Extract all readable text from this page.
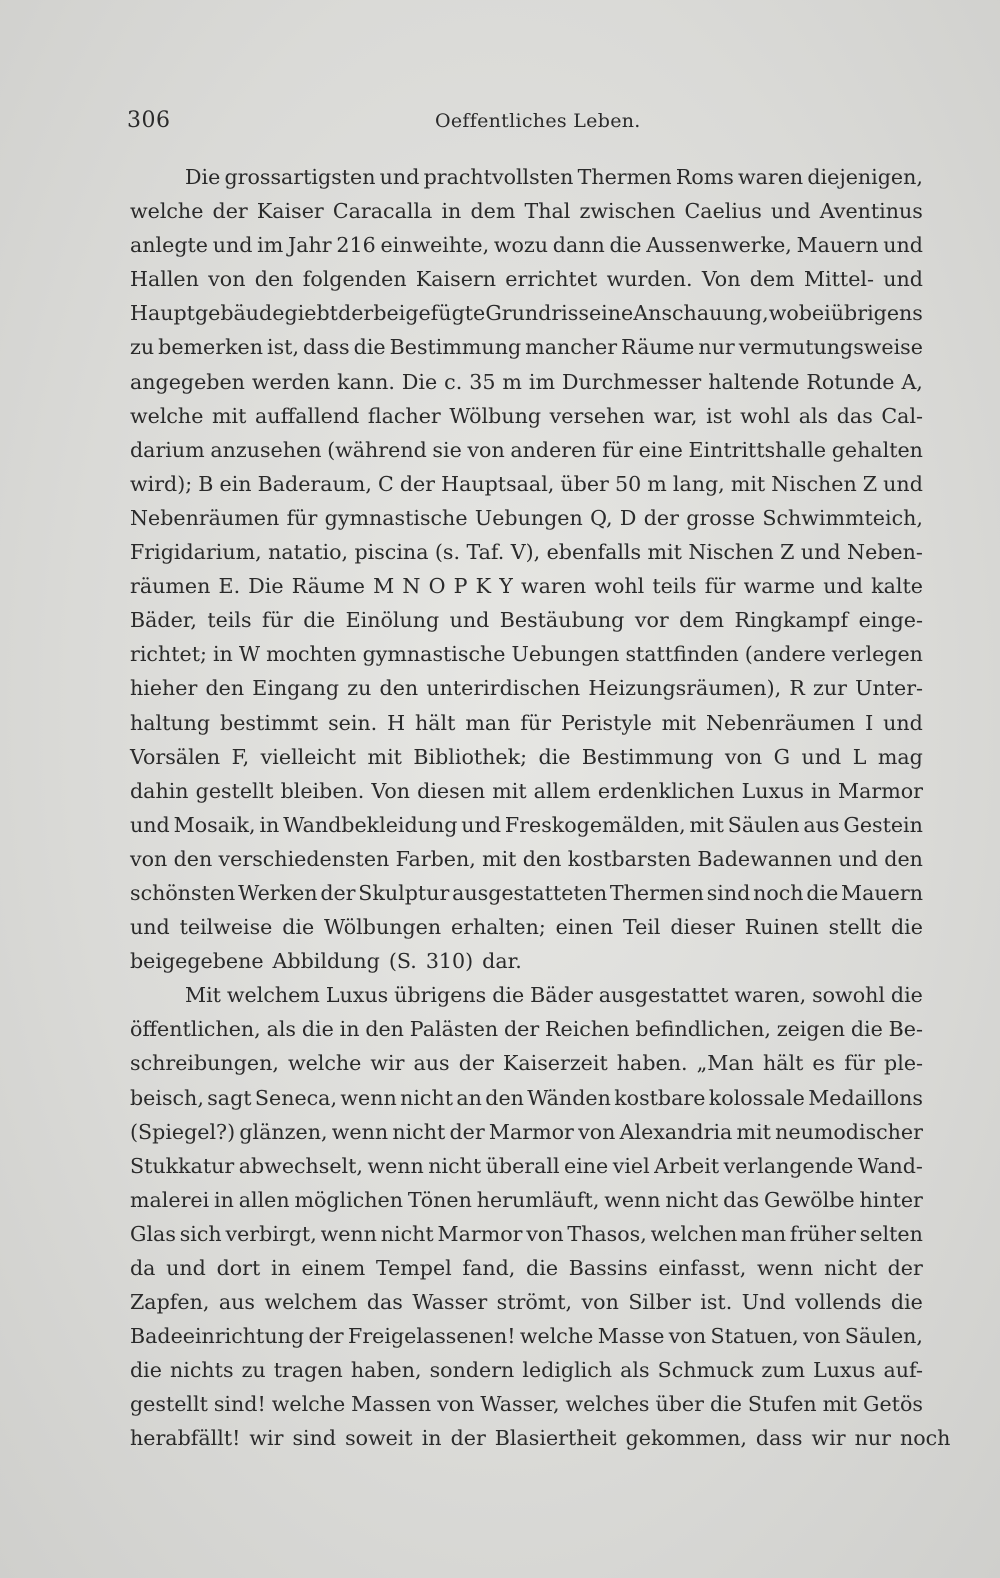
306	Oeffentliches Leben.
Die grossartigsten und prachtvollsten Thermen Roms waren diejenigen,
welche der Kaiser Caracalla in dem Thal zwischen Caelius und Aventinus
anlegte und im Jahr 216 einweihte, wozu dann die Aussenwerke, Mauern und
Hallen von den folgenden Kaisern errichtet wurden. Von dem Mittel- und
Hauptgebäude giebt der beigefügte Grundriss eine Anschauung, wobei übrigens
zu bemerken ist, dass die Bestimmung mancher Räume nur vermutungsweise
angegeben werden kann. Die c. 35 m im Durchmesser haltende Rotunde A,
welche mit auffallend flacher Wölbung versehen war, ist wohl als das Cal-
darium anzusehen (während sie von anderen für eine Eintrittshalle gehalten
wird); B ein Baderaum, C der Hauptsaal, über 50 m lang, mit Nischen Z und
Nebenräumen für gymnastische Uebungen Q, D der grosse Schwimmteich,
Frigidarium, natatio, piscina (s. Taf. V), ebenfalls mit Nischen Z und Neben-
räumen E. Die Räume M N O P K Y waren wohl teils für warme und kalte
Bäder, teils für die Einölung und Bestäubung vor dem Ringkampf einge-
richtet; in W mochten gymnastische Uebungen stattfinden (andere verlegen
hieher den Eingang zu den unterirdischen Heizungsräumen), R zur Unter-
haltung bestimmt sein. H hält man für Peristyle mit Nebenräumen I und
Vorsälen F, vielleicht mit Bibliothek; die Bestimmung von G und L mag
dahin gestellt bleiben. Von diesen mit allem erdenklichen Luxus in Marmor
und Mosaik, in Wandbekleidung und Freskogemälden, mit Säulen aus Gestein
von den verschiedensten Farben, mit den kostbarsten Badewannen und den
schönsten Werken der Skulptur ausgestatteten Thermen sind noch die Mauern
und teilweise die Wölbungen erhalten; einen Teil dieser Ruinen stellt die
beigegebene Abbildung (S. 310) dar.
Mit welchem Luxus übrigens die Bäder ausgestattet waren, sowohl die
öffentlichen, als die in den Palästen der Reichen befindlichen, zeigen die Be-
schreibungen, welche wir aus der Kaiserzeit haben. „Man hält es für ple-
beisch, sagt Seneca, wenn nicht an den Wänden kostbare kolossale Medaillons
(Spiegel?) glänzen, wenn nicht der Marmor von Alexandria mit neumodischer
Stukkatur abwechselt, wenn nicht überall eine viel Arbeit verlangende Wand-
malerei in allen möglichen Tönen herumläuft, wenn nicht das Gewölbe hinter
Glas sich verbirgt, wenn nicht Marmor von Thasos, welchen man früher selten
da und dort in einem Tempel fand, die Bassins einfasst, wenn nicht der
Zapfen, aus welchem das Wasser strömt, von Silber ist. Und vollends die
Badeeinrichtung der Freigelassenen! welche Masse von Statuen, von Säulen,
die nichts zu tragen haben, sondern lediglich als Schmuck zum Luxus auf-
gestellt sind! welche Massen von Wasser, welches über die Stufen mit Getös
herabfällt! wir sind soweit in der Blasiertheit gekommen, dass wir nur noch
